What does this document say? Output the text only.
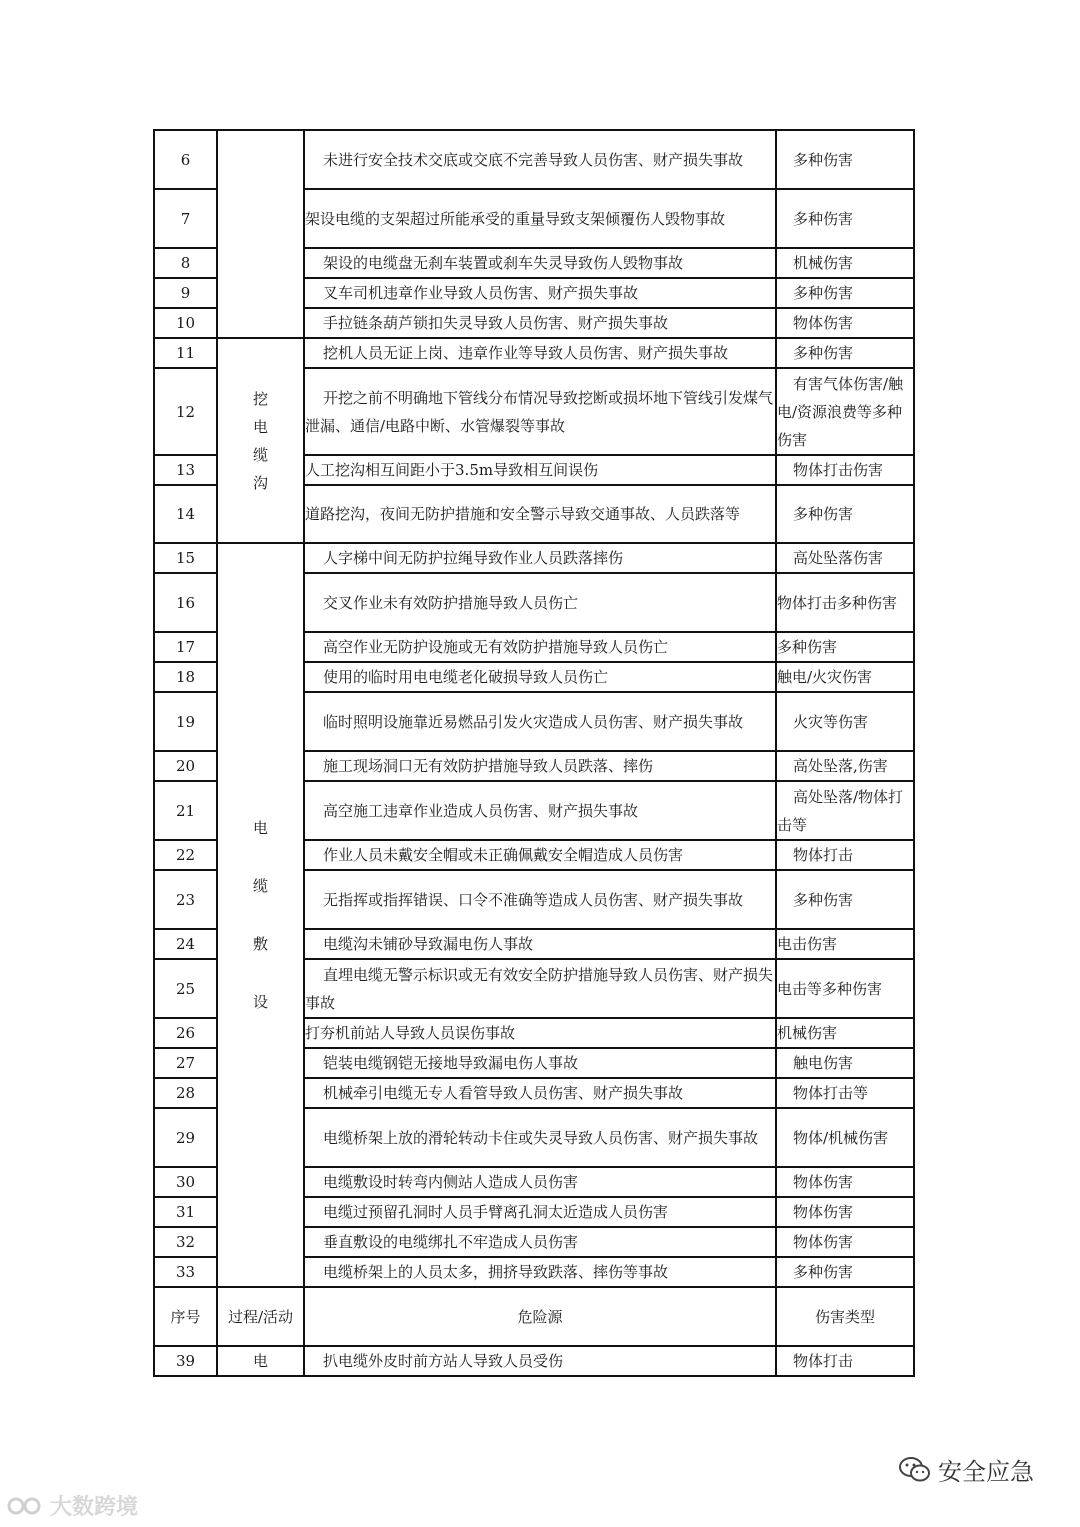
6		未进行安全技术交底或交底不完善导致人员伤害、财产损失事故	多种伤害
7		架设电缆的支架超过所能承受的重量导致支架倾覆伤人毁物事故	多种伤害
8		架设的电缆盘无刹车装置或刹车失灵导致伤人毁物事故	机械伤害
9		叉车司机违章作业导致人员伤害、财产损失事故	多种伤害
10		手拉链条葫芦锁扣失灵导致人员伤害、财产损失事故	物体伤害
11	挖电缆沟	挖机人员无证上岗、违章作业等导致人员伤害、财产损失事故	多种伤害
12		开挖之前不明确地下管线分布情况导致挖断或损坏地下管线引发煤气泄漏、通信/电路中断、水管爆裂等事故	有害气体伤害/触电/资源浪费等多种伤害
13		人工挖沟相互间距小于3.5m导致相互间误伤	物体打击伤害
14		道路挖沟，夜间无防护措施和安全警示导致交通事故、人员跌落等	多种伤害
15	电缆敷设	人字梯中间无防护拉绳导致作业人员跌落摔伤	高处坠落伤害
16		交叉作业未有效防护措施导致人员伤亡	物体打击多种伤害
17		高空作业无防护设施或无有效防护措施导致人员伤亡	多种伤害
18		使用的临时用电电缆老化破损导致人员伤亡	触电/火灾伤害
19		临时照明设施靠近易燃品引发火灾造成人员伤害、财产损失事故	火灾等伤害
20		施工现场洞口无有效防护措施导致人员跌落、摔伤	高处坠落,伤害
21		高空施工违章作业造成人员伤害、财产损失事故	高处坠落/物体打击等
22		作业人员未戴安全帽或未正确佩戴安全帽造成人员伤害	物体打击
23		无指挥或指挥错误、口令不准确等造成人员伤害、财产损失事故	多种伤害
24		电缆沟未铺砂导致漏电伤人事故	电击伤害
25		直埋电缆无警示标识或无有效安全防护措施导致人员伤害、财产损失事故	电击等多种伤害
26		打夯机前站人导致人员误伤事故	机械伤害
27		铠装电缆钢铠无接地导致漏电伤人事故	触电伤害
28		机械牵引电缆无专人看管导致人员伤害、财产损失事故	物体打击等
29		电缆桥架上放的滑轮转动卡住或失灵导致人员伤害、财产损失事故	物体/机械伤害
30		电缆敷设时转弯内侧站人造成人员伤害	物体伤害
31		电缆过预留孔洞时人员手臂离孔洞太近造成人员伤害	物体伤害
32		垂直敷设的电缆绑扎不牢造成人员伤害	物体伤害
33		电缆桥架上的人员太多，拥挤导致跌落、摔伤等事故	多种伤害
序号	过程/活动	危险源	伤害类型
39	电	扒电缆外皮时前方站人导致人员受伤	物体打击
大数跨境
安全应急
